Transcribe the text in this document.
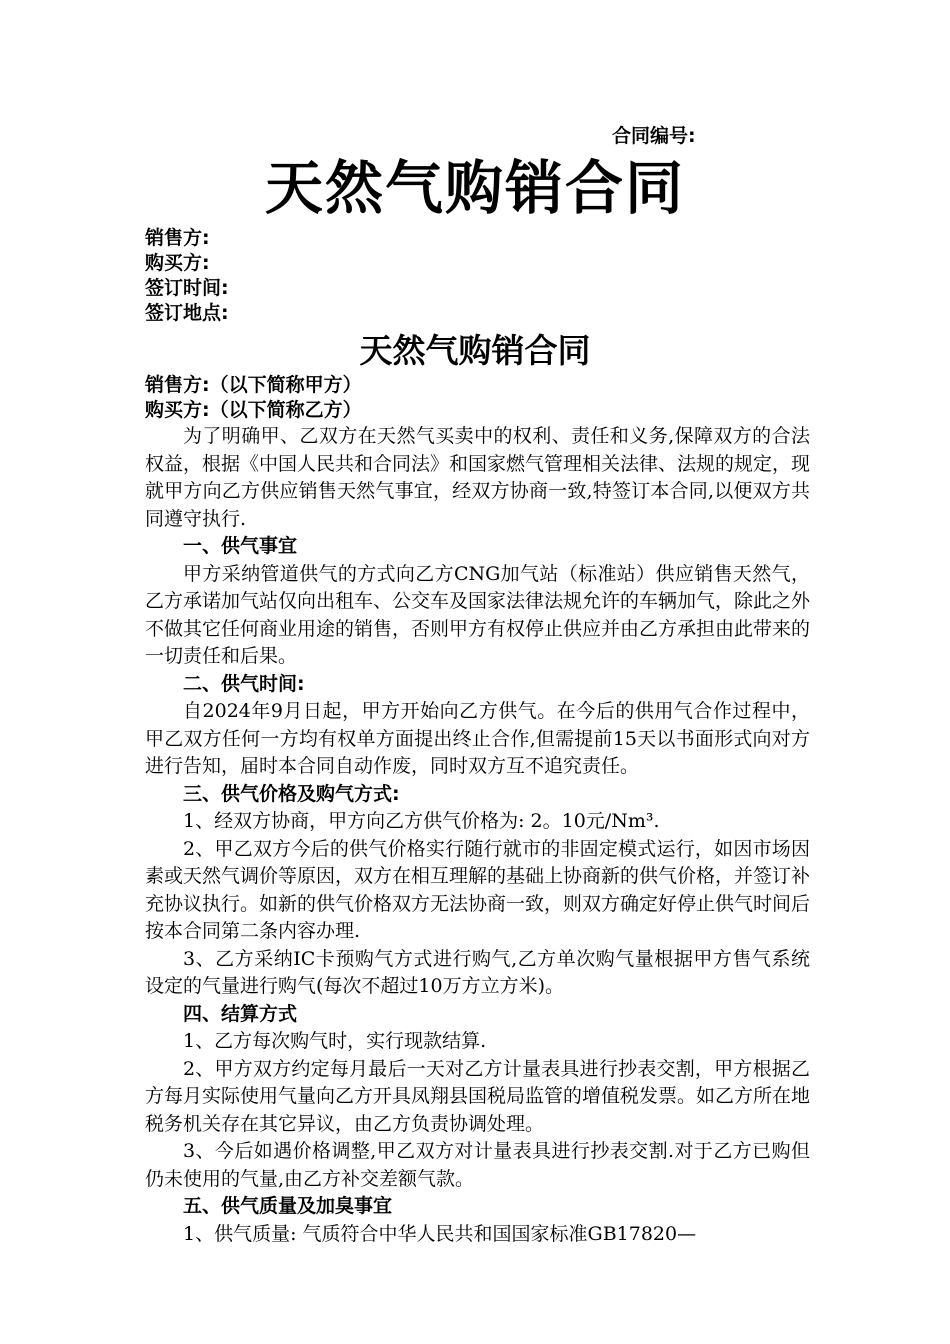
合同编号:
天然气购销合同
销售方:
购买方:
签订时间:
签订地点:
天然气购销合同
销售方:（以下简称甲方）
购买方:（以下简称乙方）

为了明确甲、乙双方在天然气买卖中的权利、责任和义务,保障双方的合法权益，根据《中国人民共和合同法》和国家燃气管理相关法律、法规的规定，现就甲方向乙方供应销售天然气事宜，经双方协商一致,特签订本合同,以便双方共同遵守执行.

一、供气事宜

甲方采纳管道供气的方式向乙方CNG加气站（标准站）供应销售天然气，乙方承诺加气站仅向出租车、公交车及国家法律法规允许的车辆加气，除此之外不做其它任何商业用途的销售，否则甲方有权停止供应并由乙方承担由此带来的一切责任和后果。

二、供气时间:

自2024年9月日起，甲方开始向乙方供气。在今后的供用气合作过程中，甲乙双方任何一方均有权单方面提出终止合作,但需提前15天以书面形式向对方进行告知，届时本合同自动作废，同时双方互不追究责任。

三、供气价格及购气方式:

1、经双方协商，甲方向乙方供气价格为: 2。10元/Nm³.

2、甲乙双方今后的供气价格实行随行就市的非固定模式运行，如因市场因素或天然气调价等原因，双方在相互理解的基础上协商新的供气价格，并签订补充协议执行。如新的供气价格双方无法协商一致，则双方确定好停止供气时间后按本合同第二条内容办理.

3、乙方采纳IC卡预购气方式进行购气,乙方单次购气量根据甲方售气系统设定的气量进行购气(每次不超过10万方立方米)。

四、结算方式

1、乙方每次购气时，实行现款结算.

2、甲方双方约定每月最后一天对乙方计量表具进行抄表交割，甲方根据乙方每月实际使用气量向乙方开具凤翔县国税局监管的增值税发票。如乙方所在地税务机关存在其它异议，由乙方负责协调处理。

3、今后如遇价格调整,甲乙双方对计量表具进行抄表交割.对于乙方已购但仍未使用的气量,由乙方补交差额气款。

五、供气质量及加臭事宜

1、供气质量: 气质符合中华人民共和国国家标准GB17820—
